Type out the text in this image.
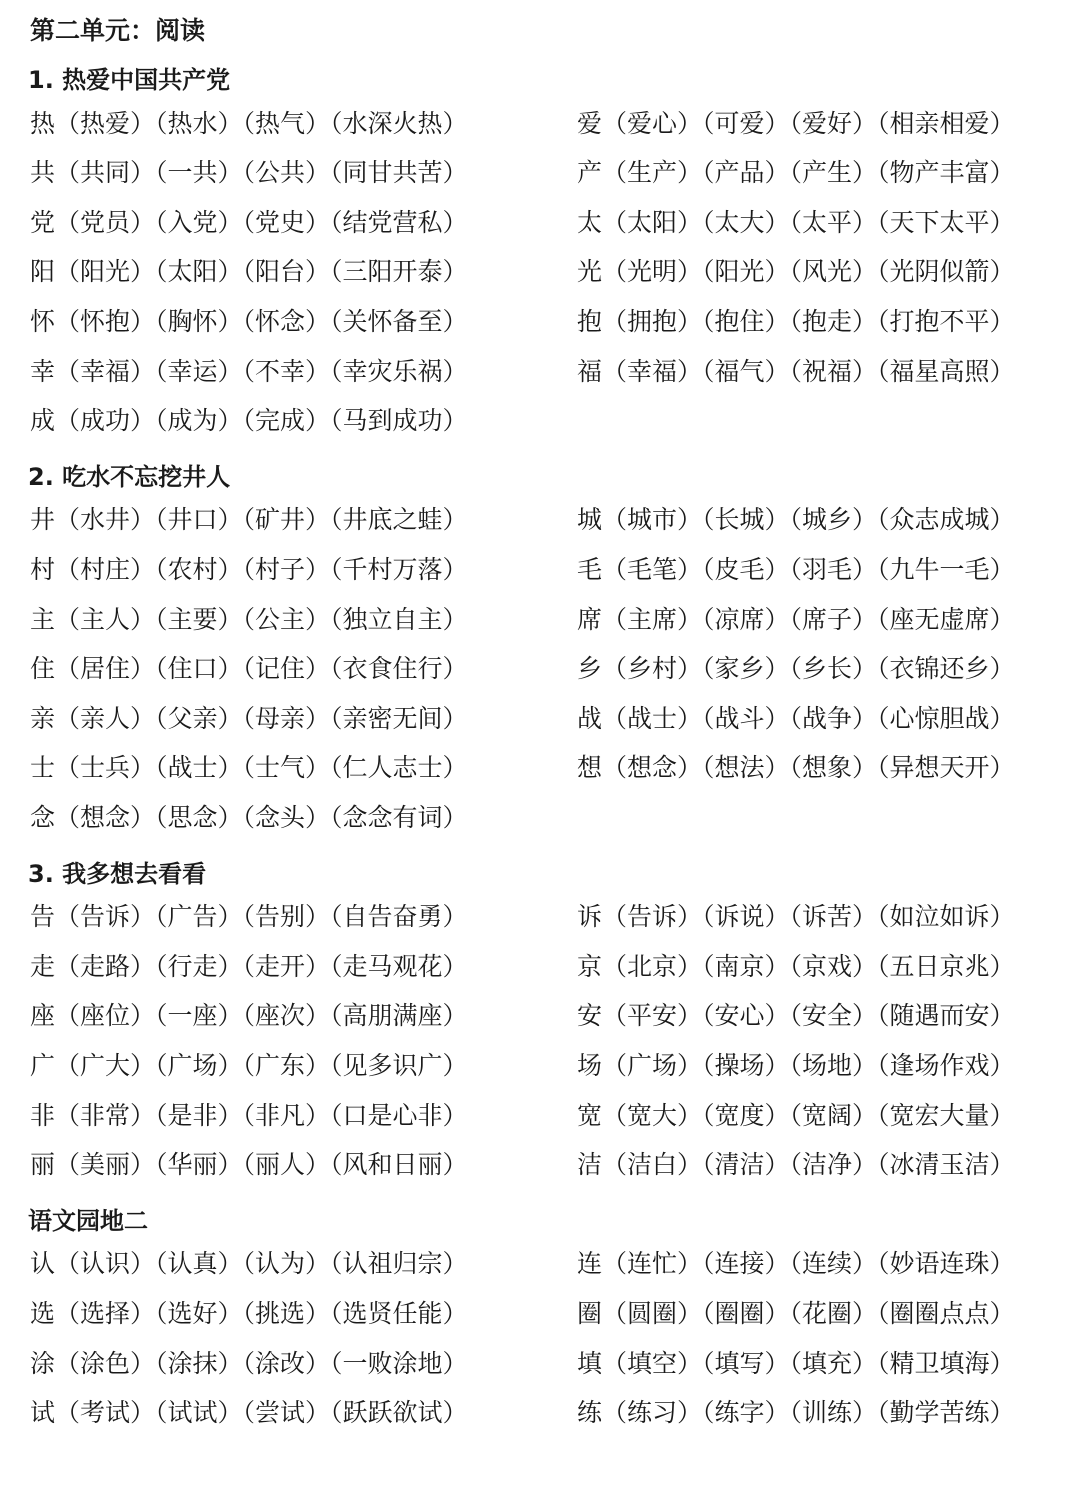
第二单元：阅读
1. 热爱中国共产党
热（热爱）（热水）（热气）（水深火热）	爱（爱心）（可爱）（爱好）（相亲相爱）
共（共同）（一共）（公共）（同甘共苦）	产（生产）（产品）（产生）（物产丰富）
党（党员）（入党）（党史）（结党营私）	太（太阳）（太大）（太平）（天下太平）
阳（阳光）（太阳）（阳台）（三阳开泰）	光（光明）（阳光）（风光）（光阴似箭）
怀（怀抱）（胸怀）（怀念）（关怀备至）	抱（拥抱）（抱住）（抱走）（打抱不平）
幸（幸福）（幸运）（不幸）（幸灾乐祸）	福（幸福）（福气）（祝福）（福星高照）
成（成功）（成为）（完成）（马到成功）
2. 吃水不忘挖井人
井（水井）（井口）（矿井）（井底之蛙）	城（城市）（长城）（城乡）（众志成城）
村（村庄）（农村）（村子）（千村万落）	毛（毛笔）（皮毛）（羽毛）（九牛一毛）
主（主人）（主要）（公主）（独立自主）	席（主席）（凉席）（席子）（座无虚席）
住（居住）（住口）（记住）（衣食住行）	乡（乡村）（家乡）（乡长）（衣锦还乡）
亲（亲人）（父亲）（母亲）（亲密无间）	战（战士）（战斗）（战争）（心惊胆战）
士（士兵）（战士）（士气）（仁人志士）	想（想念）（想法）（想象）（异想天开）
念（想念）（思念）（念头）（念念有词）
3. 我多想去看看
告（告诉）（广告）（告别）（自告奋勇）	诉（告诉）（诉说）（诉苦）（如泣如诉）
走（走路）（行走）（走开）（走马观花）	京（北京）（南京）（京戏）（五日京兆）
座（座位）（一座）（座次）（高朋满座）	安（平安）（安心）（安全）（随遇而安）
广（广大）（广场）（广东）（见多识广）	场（广场）（操场）（场地）（逢场作戏）
非（非常）（是非）（非凡）（口是心非）	宽（宽大）（宽度）（宽阔）（宽宏大量）
丽（美丽）（华丽）（丽人）（风和日丽）	洁（洁白）（清洁）（洁净）（冰清玉洁）
语文园地二
认（认识）（认真）（认为）（认祖归宗）	连（连忙）（连接）（连续）（妙语连珠）
选（选择）（选好）（挑选）（选贤任能）	圈（圆圈）（圈圈）（花圈）（圈圈点点）
涂（涂色）（涂抹）（涂改）（一败涂地）	填（填空）（填写）（填充）（精卫填海）
试（考试）（试试）（尝试）（跃跃欲试）	练（练习）（练字）（训练）（勤学苦练）
